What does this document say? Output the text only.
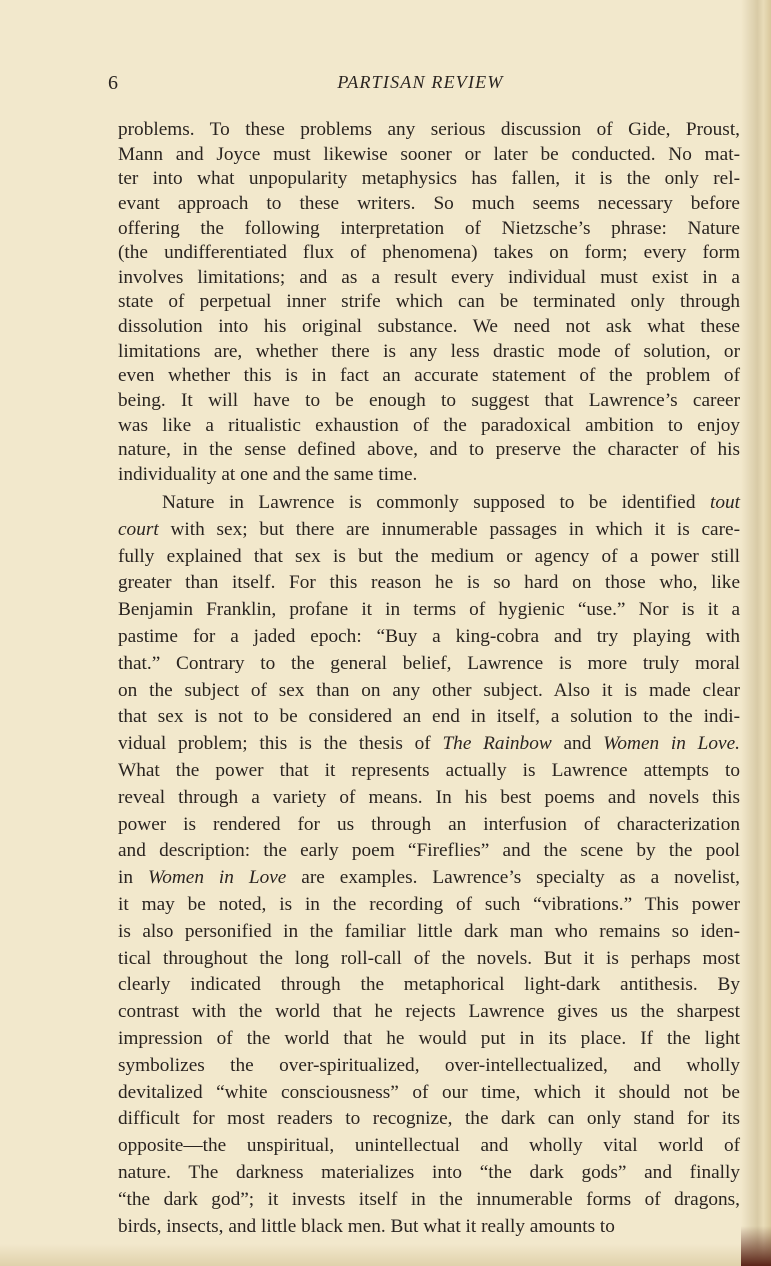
6	PARTISAN REVIEW
problems. To these problems any serious discussion of Gide, Proust,
Mann and Joyce must likewise sooner or later be conducted. No mat-
ter into what unpopularity metaphysics has fallen, it is the only rel-
evant approach to these writers. So much seems necessary before
offering the following interpretation of Nietzsche’s phrase: Nature
(the undifferentiated flux of phenomena) takes on form; every form
involves limitations; and as a result every individual must exist in a
state of perpetual inner strife which can be terminated only through
dissolution into his original substance. We need not ask what these
limitations are, whether there is any less drastic mode of solution, or
even whether this is in fact an accurate statement of the problem of
being. It will have to be enough to suggest that Lawrence’s career
was like a ritualistic exhaustion of the paradoxical ambition to enjoy
nature, in the sense defined above, and to preserve the character of his
individuality at one and the same time.
Nature in Lawrence is commonly supposed to be identified tout
court with sex; but there are innumerable passages in which it is care-
fully explained that sex is but the medium or agency of a power still
greater than itself. For this reason he is so hard on those who, like
Benjamin Franklin, profane it in terms of hygienic “use.” Nor is it a
pastime for a jaded epoch: “Buy a king-cobra and try playing with
that.” Contrary to the general belief, Lawrence is more truly moral
on the subject of sex than on any other subject. Also it is made clear
that sex is not to be considered an end in itself, a solution to the indi-
vidual problem; this is the thesis of The Rainbow and Women in Love.
What the power that it represents actually is Lawrence attempts to
reveal through a variety of means. In his best poems and novels this
power is rendered for us through an interfusion of characterization
and description: the early poem “Fireflies” and the scene by the pool
in Women in Love are examples. Lawrence’s specialty as a novelist,
it may be noted, is in the recording of such “vibrations.” This power
is also personified in the familiar little dark man who remains so iden-
tical throughout the long roll-call of the novels. But it is perhaps most
clearly indicated through the metaphorical light-dark antithesis. By
contrast with the world that he rejects Lawrence gives us the sharpest
impression of the world that he would put in its place. If the light
symbolizes the over-spiritualized, over-intellectualized, and wholly
devitalized “white consciousness” of our time, which it should not be
difficult for most readers to recognize, the dark can only stand for its
opposite—the unspiritual, unintellectual and wholly vital world of
nature. The darkness materializes into “the dark gods” and finally
“the dark god”; it invests itself in the innumerable forms of dragons,
birds, insects, and little black men. But what it really amounts to
